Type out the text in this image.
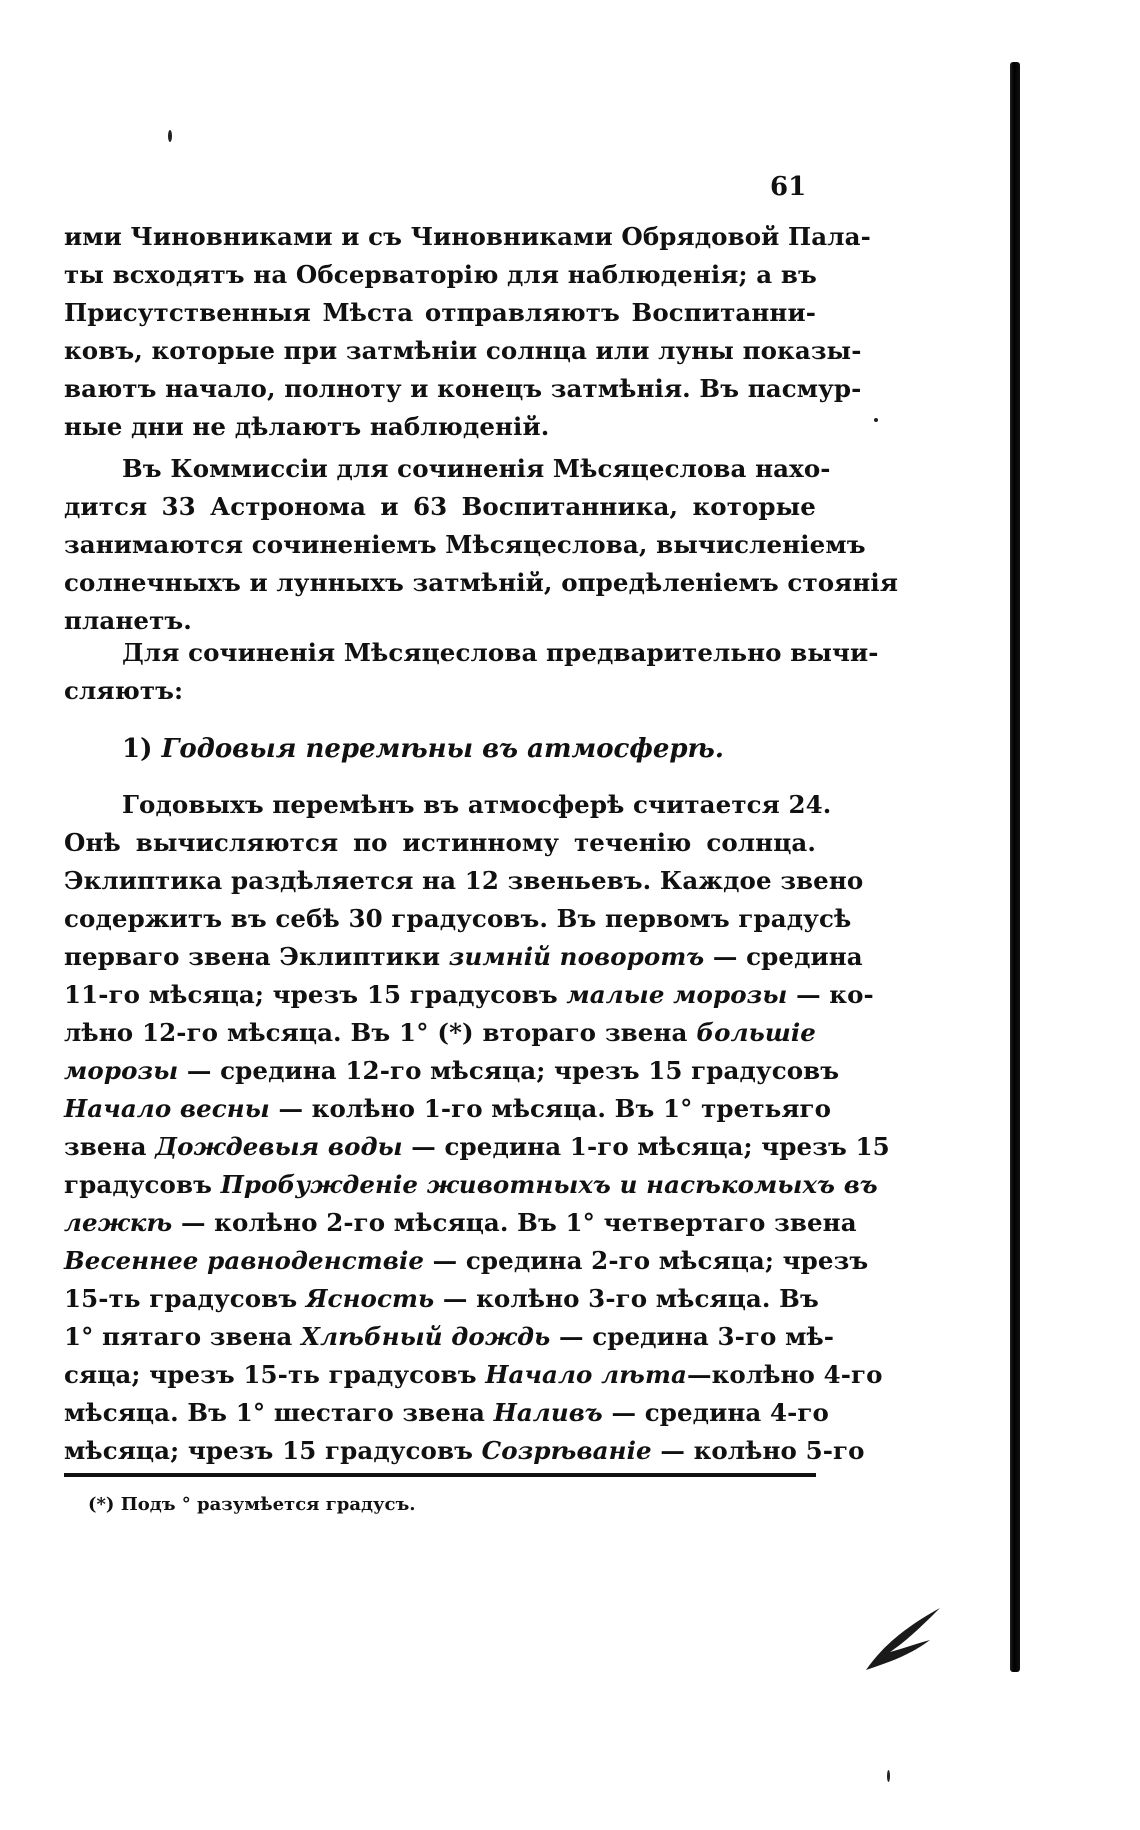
61
ими Чиновниками и съ Чиновниками Обрядовой Пала-
ты всходятъ на Обсерваторію для наблюденія; а въ
Присутственныя Мѣста отправляютъ Воспитанни-
ковъ, которые при затмѣніи солнца или луны показы-
ваютъ начало, полноту и конецъ затмѣнія. Въ пасмур-
ные дни не дѣлаютъ наблюденій.
Въ Коммиссіи для сочиненія Мѣсяцеслова нахо-
дится 33 Астронома и 63 Воспитанника, которые
занимаются сочиненіемъ Мѣсяцеслова, вычисленіемъ
солнечныхъ и лунныхъ затмѣній, опредѣленіемъ стоянія
планетъ.
Для сочиненія Мѣсяцеслова предварительно вычи-
сляютъ:
1) Годовыя перемѣны въ атмосферѣ.
Годовыхъ перемѣнъ въ атмосферѣ считается 24.
Онѣ вычисляются по истинному теченію солнца.
Эклиптика раздѣляется на 12 звеньевъ. Каждое звено
содержитъ въ себѣ 30 градусовъ. Въ первомъ градусѣ
перваго звена Эклиптики зимній поворотъ — средина
11-го мѣсяца; чрезъ 15 градусовъ малые морозы — ко-
лѣно 12-го мѣсяца. Въ 1° (*) втораго звена большіе
морозы — средина 12-го мѣсяца; чрезъ 15 градусовъ
Начало весны — колѣно 1-го мѣсяца. Въ 1° третьяго
звена Дождевыя воды — средина 1-го мѣсяца; чрезъ 15
градусовъ Пробужденіе животныхъ и насѣкомыхъ въ
лежкѣ — колѣно 2-го мѣсяца. Въ 1° четвертаго звена
Весеннее равноденствіе — средина 2-го мѣсяца; чрезъ
15-ть градусовъ Ясность — колѣно 3-го мѣсяца. Въ
1° пятаго звена Хлѣбный дождь — средина 3-го мѣ-
сяца; чрезъ 15-ть градусовъ Начало лѣта—колѣно 4-го
мѣсяца. Въ 1° шестаго звена Наливъ — средина 4-го
мѣсяца; чрезъ 15 градусовъ Созрѣваніе — колѣно 5-го
(*) Подъ ° разумѣется градусъ.
